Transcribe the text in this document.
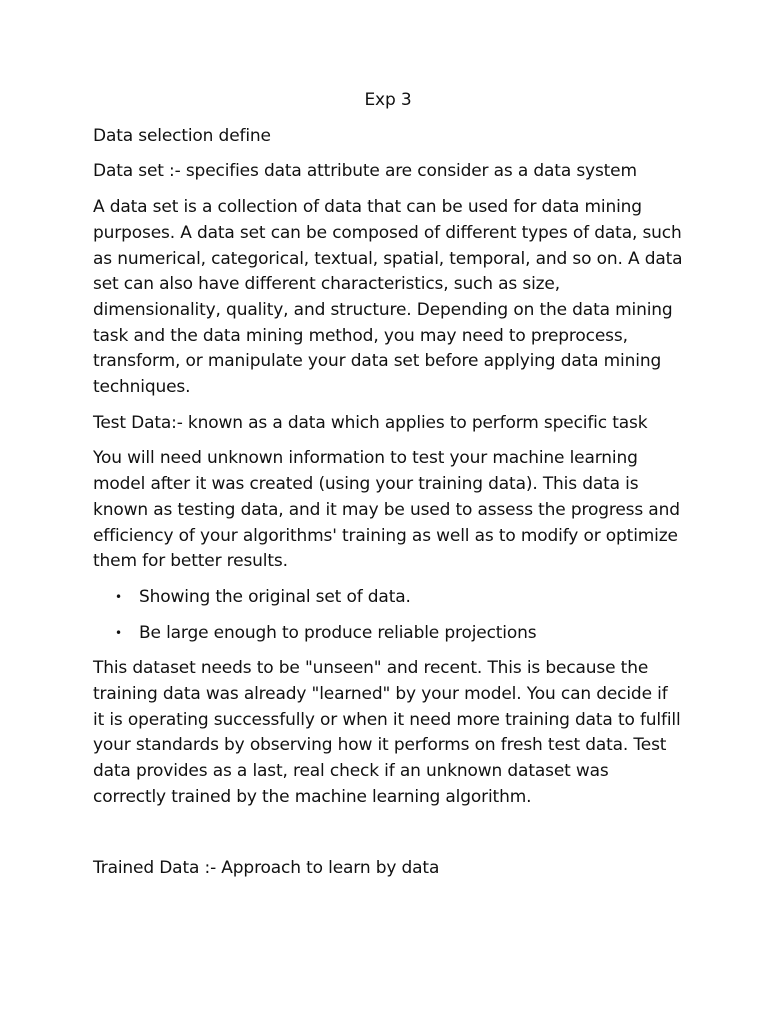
Exp 3

Data selection define

Data set :- specifies data attribute are consider as a data system

A data set is a collection of data that can be used for data mining purposes. A data set can be composed of different types of data, such as numerical, categorical, textual, spatial, temporal, and so on. A data set can also have different characteristics, such as size, dimensionality, quality, and structure. Depending on the data mining task and the data mining method, you may need to preprocess, transform, or manipulate your data set before applying data mining techniques.

Test Data:- known as a data which applies to perform specific task

You will need unknown information to test your machine learning model after it was created (using your training data). This data is known as testing data, and it may be used to assess the progress and efficiency of your algorithms' training as well as to modify or optimize them for better results.

• Showing the original set of data.
• Be large enough to produce reliable projections

This dataset needs to be "unseen" and recent. This is because the training data was already "learned" by your model. You can decide if it is operating successfully or when it need more training data to fulfill your standards by observing how it performs on fresh test data. Test data provides as a last, real check if an unknown dataset was correctly trained by the machine learning algorithm.

Trained Data :- Approach to learn by data
